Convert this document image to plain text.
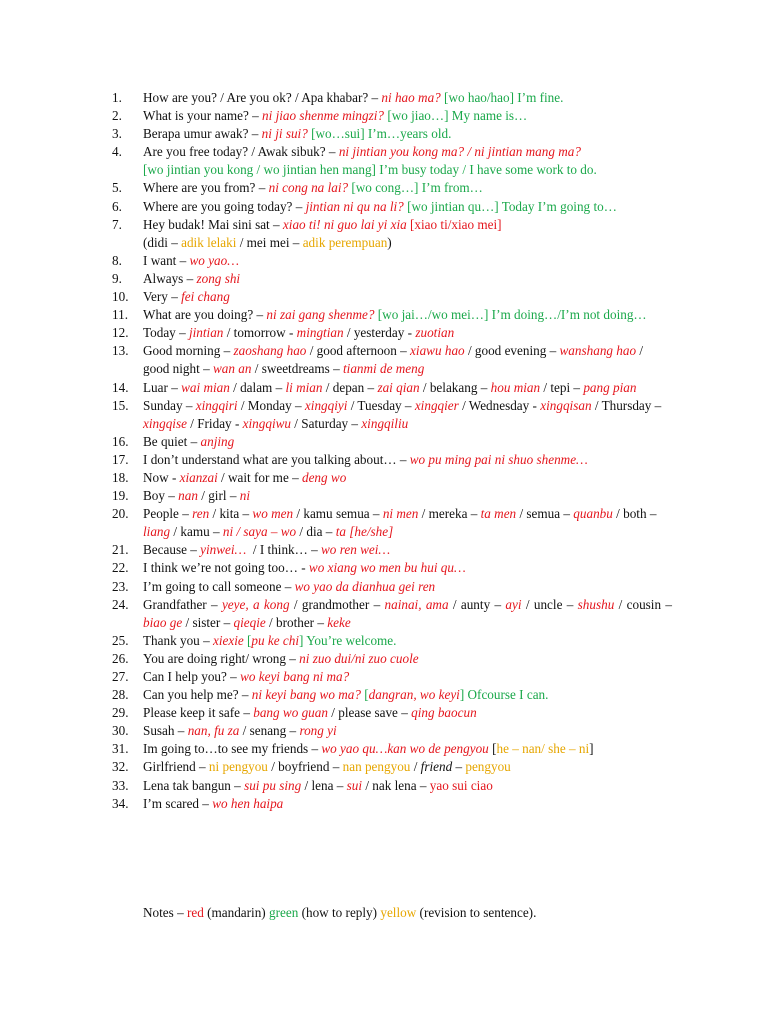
1.	How are you? / Are you ok? / Apa khabar? – ni hao ma? [wo hao/hao] I’m fine.
2.	What is your name? – ni jiao shenme mingzi? [wo jiao…] My name is…
3.	Berapa umur awak? – ni ji sui? [wo…sui] I’m…years old.
4.	Are you free today? / Awak sibuk? – ni jintian you kong ma? / ni jintian mang ma?
[wo jintian you kong / wo jintian hen mang] I’m busy today / I have some work to do.
5.	Where are you from? – ni cong na lai? [wo cong…] I’m from…
6.	Where are you going today? – jintian ni qu na li? [wo jintian qu…] Today I’m going to…
7.	Hey budak! Mai sini sat – xiao ti! ni guo lai yi xia [xiao ti/xiao mei]
(didi – adik lelaki / mei mei – adik perempuan)
8.	I want – wo yao…
9.	Always – zong shi
10.	Very – fei chang
11.	What are you doing? – ni zai gang shenme? [wo jai…/wo mei…] I’m doing…/I’m not doing…
12.	Today – jintian / tomorrow - mingtian / yesterday - zuotian
13.	Good morning – zaoshang hao / good afternoon – xiawu hao / good evening – wanshang hao / good night – wan an / sweetdreams – tianmi de meng
14.	Luar – wai mian / dalam – li mian / depan – zai qian / belakang – hou mian / tepi – pang pian
15.	Sunday – xingqiri / Monday – xingqiyi / Tuesday – xingqier / Wednesday - xingqisan / Thursday – xingqise / Friday - xingqiwu / Saturday – xingqiliu
16.	Be quiet – anjing
17.	I don’t understand what are you talking about… – wo pu ming pai ni shuo shenme…
18.	Now - xianzai / wait for me – deng wo
19.	Boy – nan / girl – ni
20.	People – ren / kita – wo men / kamu semua – ni men / mereka – ta men / semua – quanbu / both – liang / kamu – ni / saya – wo / dia – ta [he/she]
21.	Because – yinwei…  / I think… – wo ren wei…
22.	I think we’re not going too… - wo xiang wo men bu hui qu…
23.	I’m going to call someone – wo yao da dianhua gei ren
24.	Grandfather – yeye, a kong / grandmother – nainai, ama / aunty – ayi / uncle – shushu / cousin – biao ge / sister – qieqie / brother – keke
25.	Thank you – xiexie [pu ke chi] You’re welcome.
26.	You are doing right/ wrong – ni zuo dui/ni zuo cuole
27.	Can I help you? – wo keyi bang ni ma?
28.	Can you help me? – ni keyi bang wo ma? [dangran, wo keyi] Ofcourse I can.
29.	Please keep it safe – bang wo guan / please save – qing baocun
30.	Susah – nan, fu za / senang – rong yi
31.	Im going to…to see my friends – wo yao qu…kan wo de pengyou [he – nan/ she – ni]
32.	Girlfriend – ni pengyou / boyfriend – nan pengyou / friend – pengyou
33.	Lena tak bangun – sui pu sing / lena – sui / nak lena – yao sui ciao
34.	I’m scared – wo hen haipa
Notes – red (mandarin) green (how to reply) yellow (revision to sentence).
